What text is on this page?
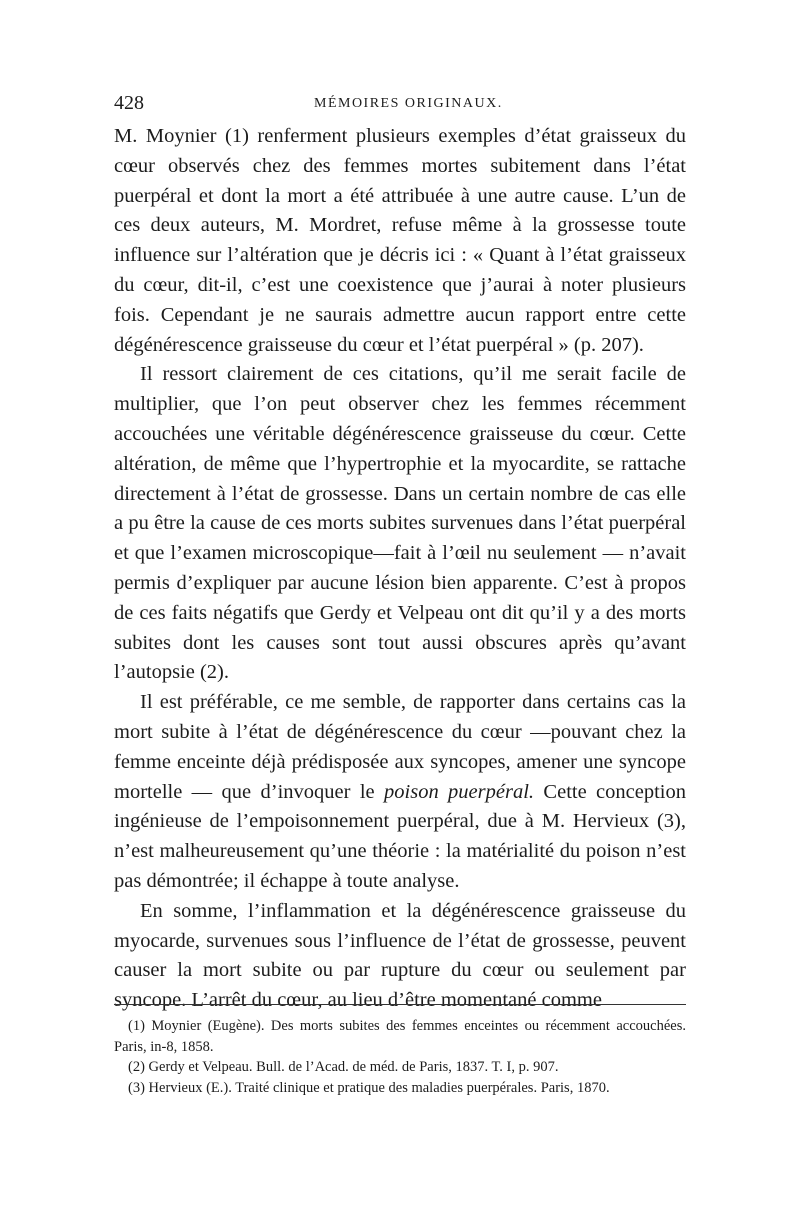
428	MÉMOIRES ORIGINAUX.

M. Moynier (1) renferment plusieurs exemples d’état graisseux du cœur observés chez des femmes mortes subitement dans l’état puerpéral et dont la mort a été attribuée à une autre cause. L’un de ces deux auteurs, M. Mordret, refuse même à la grossesse toute influence sur l’altération que je décris ici : « Quant à l’état graisseux du cœur, dit-il, c’est une coexistence que j’aurai à noter plusieurs fois. Cependant je ne saurais admettre aucun rapport entre cette dégénérescence graisseuse du cœur et l’état puerpéral » (p. 207).

Il ressort clairement de ces citations, qu’il me serait facile de multiplier, que l’on peut observer chez les femmes récemment accouchées une véritable dégénérescence graisseuse du cœur. Cette altération, de même que l’hypertrophie et la myocardite, se rattache directement à l’état de grossesse. Dans un certain nombre de cas elle a pu être la cause de ces morts subites survenues dans l’état puerpéral et que l’examen microscopique—fait à l’œil nu seulement — n’avait permis d’expliquer par aucune lésion bien apparente. C’est à propos de ces faits négatifs que Gerdy et Velpeau ont dit qu’il y a des morts subites dont les causes sont tout aussi obscures après qu’avant l’autopsie (2).

Il est préférable, ce me semble, de rapporter dans certains cas la mort subite à l’état de dégénérescence du cœur —pouvant chez la femme enceinte déjà prédisposée aux syncopes, amener une syncope mortelle — que d’invoquer le poison puerpéral. Cette conception ingénieuse de l’empoisonnement puerpéral, due à M. Hervieux (3), n’est malheureusement qu’une théorie : la matérialité du poison n’est pas démontrée; il échappe à toute analyse.

En somme, l’inflammation et la dégénérescence graisseuse du myocarde, survenues sous l’influence de l’état de grossesse, peuvent causer la mort subite ou par rupture du cœur ou seulement par syncope. L’arrêt du cœur, au lieu d’être momentané comme

(1) Moynier (Eugène). Des morts subites des femmes enceintes ou récemment accouchées. Paris, in-8, 1858.

(2) Gerdy et Velpeau. Bull. de l’Acad. de méd. de Paris, 1837. T. I, p. 907.

(3) Hervieux (E.). Traité clinique et pratique des maladies puerpérales. Paris, 1870.
